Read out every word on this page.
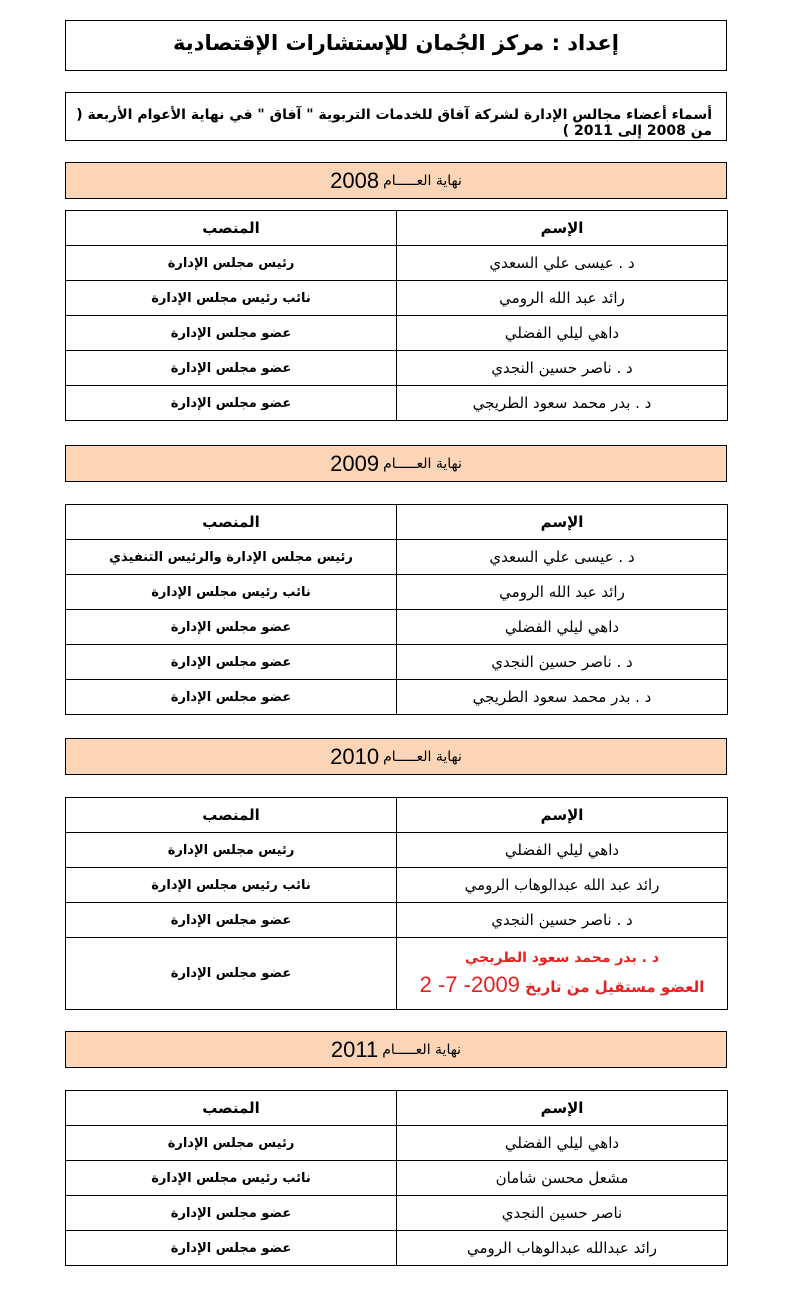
إعداد : مركز الجُمان للإستشارات الإقتصادية
أسماء أعضاء مجالس الإدارة لشركة آفاق للخدمات التربوية " آفاق " في نهاية الأعوام الأربعة ( من 2008 إلى 2011 )
2008 نهاية العـــــام
الإسم	المنصب
د . عيسى علي السعدي	رئيس مجلس الإدارة
رائد عبد الله الرومي	نائب رئيس مجلس الإدارة
داهي ليلي الفضلي	عضو مجلس الإدارة
د . ناصر حسين النجدي	عضو مجلس الإدارة
د . بدر محمد سعود الطريجي	عضو مجلس الإدارة
2009 نهاية العـــــام
الإسم	المنصب
د . عيسى علي السعدي	رئيس مجلس الإدارة والرئيس التنفيذي
رائد عبد الله الرومي	نائب رئيس مجلس الإدارة
داهي ليلي الفضلي	عضو مجلس الإدارة
د . ناصر حسين النجدي	عضو مجلس الإدارة
د . بدر محمد سعود الطريجي	عضو مجلس الإدارة
2010 نهاية العـــــام
الإسم	المنصب
داهي ليلي الفضلي	رئيس مجلس الإدارة
رائد عبد الله عبدالوهاب الرومي	نائب رئيس مجلس الإدارة
د . ناصر حسين النجدي	عضو مجلس الإدارة

د . بدر محمد سعود الطريجي
العضو مستقيل من تاريخ 2 -7 -2009	عضو مجلس الإدارة
2011 نهاية العـــــام
الإسم	المنصب
داهي ليلي الفضلي	رئيس مجلس الإدارة
مشعل محسن شامان	نائب رئيس مجلس الإدارة
ناصر حسين النجدي	عضو مجلس الإدارة
رائد عبدالله عبدالوهاب الرومي	عضو مجلس الإدارة
